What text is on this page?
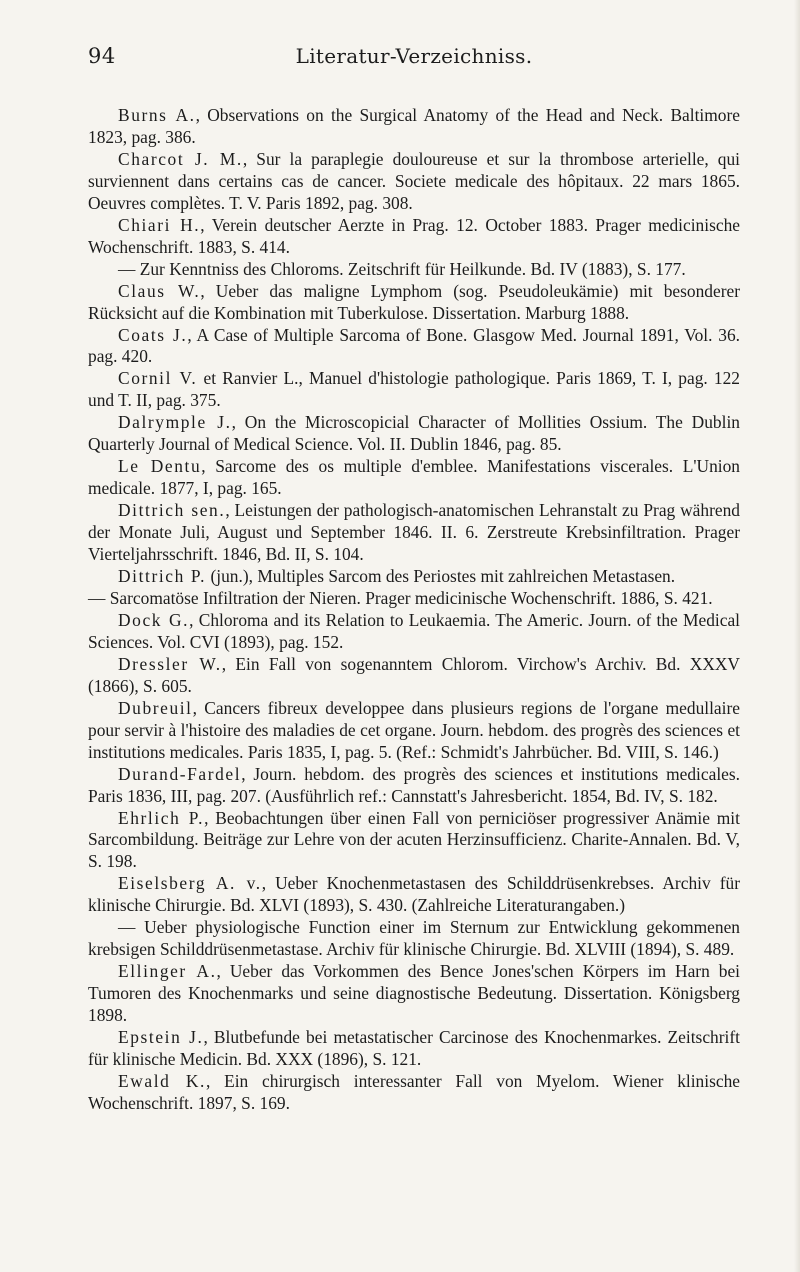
94	Literatur-Verzeichniss.

Burns A., Observations on the Surgical Anatomy of the Head and Neck. Baltimore 1823, pag. 386.

Charcot J. M., Sur la paraplegie douloureuse et sur la thrombose arterielle, qui surviennent dans certains cas de cancer. Societe medicale des hôpitaux. 22 mars 1865. Oeuvres complètes. T. V. Paris 1892, pag. 308.

Chiari H., Verein deutscher Aerzte in Prag. 12. October 1883. Prager medicinische Wochenschrift. 1883, S. 414.

— Zur Kenntniss des Chloroms. Zeitschrift für Heilkunde. Bd. IV (1883), S. 177.

Claus W., Ueber das maligne Lymphom (sog. Pseudoleukämie) mit besonderer Rücksicht auf die Kombination mit Tuberkulose. Dissertation. Marburg 1888.

Coats J., A Case of Multiple Sarcoma of Bone. Glasgow Med. Journal 1891, Vol. 36. pag. 420.

Cornil V. et Ranvier L., Manuel d'histologie pathologique. Paris 1869, T. I, pag. 122 und T. II, pag. 375.

Dalrymple J., On the Microscopicial Character of Mollities Ossium. The Dublin Quarterly Journal of Medical Science. Vol. II. Dublin 1846, pag. 85.

Le Dentu, Sarcome des os multiple d'emblee. Manifestations viscerales. L'Union medicale. 1877, I, pag. 165.

Dittrich sen., Leistungen der pathologisch-anatomischen Lehranstalt zu Prag während der Monate Juli, August und September 1846. II. 6. Zerstreute Krebsinfiltration. Prager Vierteljahrsschrift. 1846, Bd. II, S. 104.

Dittrich P. (jun.), Multiples Sarcom des Periostes mit zahlreichen Metastasen.

— Sarcomatöse Infiltration der Nieren. Prager medicinische Wochenschrift. 1886, S. 421.

Dock G., Chloroma and its Relation to Leukaemia. The Americ. Journ. of the Medical Sciences. Vol. CVI (1893), pag. 152.

Dressler W., Ein Fall von sogenanntem Chlorom. Virchow's Archiv. Bd. XXXV (1866), S. 605.

Dubreuil, Cancers fibreux developpee dans plusieurs regions de l'organe medullaire pour servir à l'histoire des maladies de cet organe. Journ. hebdom. des progrès des sciences et institutions medicales. Paris 1835, I, pag. 5. (Ref.: Schmidt's Jahrbücher. Bd. VIII, S. 146.)

Durand-Fardel, Journ. hebdom. des progrès des sciences et institutions medicales. Paris 1836, III, pag. 207. (Ausführlich ref.: Cannstatt's Jahresbericht. 1854, Bd. IV, S. 182.

Ehrlich P., Beobachtungen über einen Fall von perniciöser progressiver Anämie mit Sarcombildung. Beiträge zur Lehre von der acuten Herzinsufficienz. Charite-Annalen. Bd. V, S. 198.

Eiselsberg A. v., Ueber Knochenmetastasen des Schilddrüsenkrebses. Archiv für klinische Chirurgie. Bd. XLVI (1893), S. 430. (Zahlreiche Literaturangaben.)

— Ueber physiologische Function einer im Sternum zur Entwicklung gekommenen krebsigen Schilddrüsenmetastase. Archiv für klinische Chirurgie. Bd. XLVIII (1894), S. 489.

Ellinger A., Ueber das Vorkommen des Bence Jones'schen Körpers im Harn bei Tumoren des Knochenmarks und seine diagnostische Bedeutung. Dissertation. Königsberg 1898.

Epstein J., Blutbefunde bei metastatischer Carcinose des Knochenmarkes. Zeitschrift für klinische Medicin. Bd. XXX (1896), S. 121.

Ewald K., Ein chirurgisch interessanter Fall von Myelom. Wiener klinische Wochenschrift. 1897, S. 169.
